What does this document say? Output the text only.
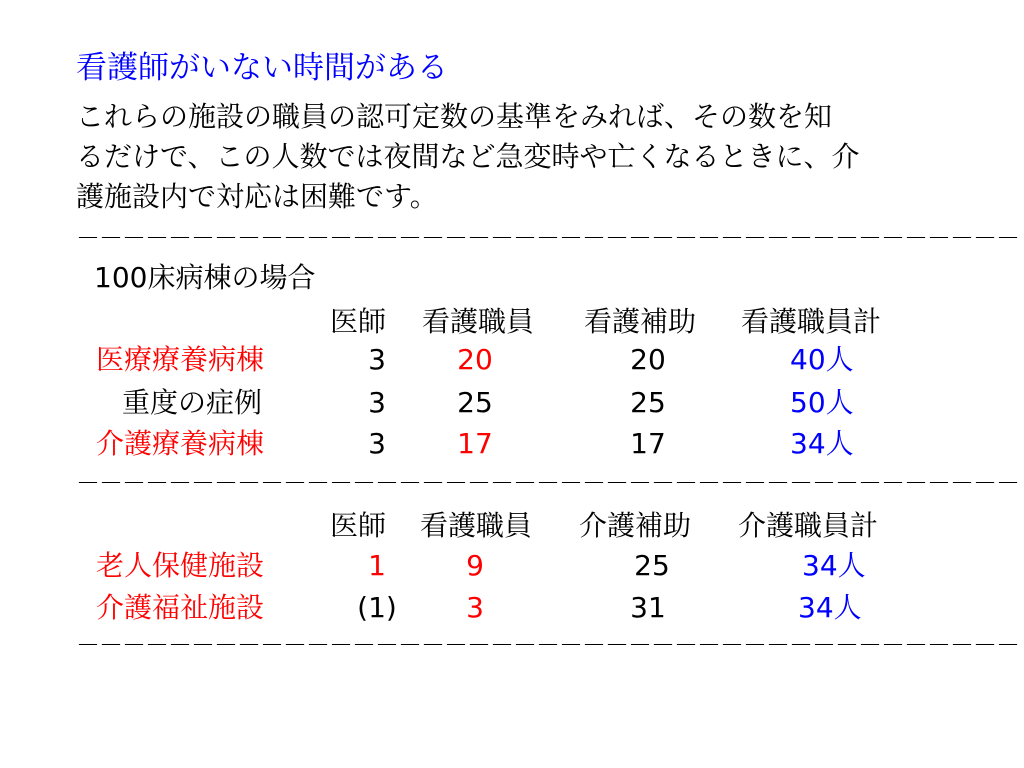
看護師がいない時間がある
これらの施設の職員の認可定数の基準をみれば、その数を知
るだけで、この人数では夜間など急変時や亡くなるときに、介
護施設内で対応は困難です。
－－－－－－－－－－－－－－－－－－－－－－－－－－－－－－－－－－－－－－－－－
100床病棟の場合
医師 看護職員 看護補助 看護職員計
医療療養病棟	3	20	20	40人
重度の症例	3	25	25	50人
介護療養病棟	3	17	17	34人
－－－－－－－－－－－－－－－－－－－－－－－－－－－－－－－－－－－－－－－－－
医師 看護職員 介護補助 介護職員計
老人保健施設	1	9	25	34人
介護福祉施設	(1)	3	31	34人
－－－－－－－－－－－－－－－－－－－－－－－－－－－－－－－－－－－－－－－－－
